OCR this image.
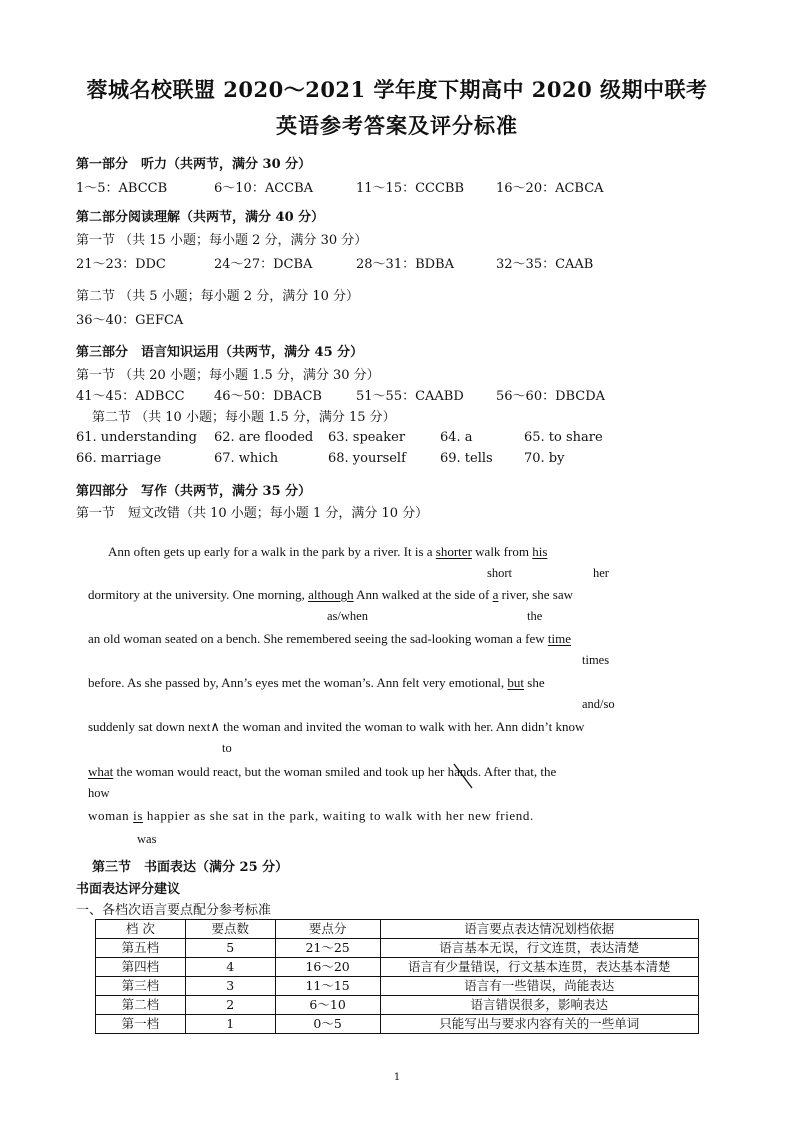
蓉城名校联盟 2020～2021 学年度下期高中 2020 级期中联考
英语参考答案及评分标准
第一部分　听力（共两节，满分 30 分）
1～5：ABCCB	6～10：ACCBA	11～15：CCCBB 16～20：ACBCA
第二部分阅读理解（共两节，满分 40 分）
第一节 （共 15 小题；每小题 2 分，满分 30 分）
21～23：DDC	24～27：DCBA	28～31：BDBA	32～35：CAAB
第二节 （共 5 小题；每小题 2 分，满分 10 分）
36～40：GEFCA
第三部分　语言知识运用（共两节，满分 45 分）
第一节 （共 20 小题；每小题 1.5 分，满分 30 分）
41～45：ADBCC 46～50：DBACB	51～55：CAABD 56～60：DBCDA
第二节 （共 10 小题；每小题 1.5 分，满分 15 分）
61. understanding 62. are flooded 63. speaker	64. a	65. to share
66. marriage	67. which	68. yourself	69. tells 70. by
第四部分　写作（共两节，满分 35 分）
第一节　短文改错（共 10 小题；每小题 1 分，满分 10 分）
Ann often gets up early for a walk in the park by a river. It is a shorter walk from his
short	her
dormitory at the university. One morning, although Ann walked at the side of a river, she saw
as/when	the
an old woman seated on a bench. She remembered seeing the sad-looking woman a few time
times
before. As she passed by, Ann’s eyes met the woman’s. Ann felt very emotional, but she
and/so
suddenly sat down next∧ the woman and invited the woman to walk with her. Ann didn’t know
to
what the woman would react, but the woman smiled and took up her hands. After that, the
how
woman is happier as she sat in the park, waiting to walk with her new friend.
was
第三节　书面表达（满分 25 分）
书面表达评分建议
一、各档次语言要点配分参考标准
档 次	要点数	要点分	语言要点表达情况划档依据
第五档	5	21～25	语言基本无误，行文连贯，表达清楚
第四档	4	16～20	语言有少量错误，行文基本连贯，表达基本清楚
第三档	3	11～15	语言有一些错误，尚能表达
第二档	2	6～10	语言错误很多，影响表达
第一档	1	0～5	只能写出与要求内容有关的一些单词
1
